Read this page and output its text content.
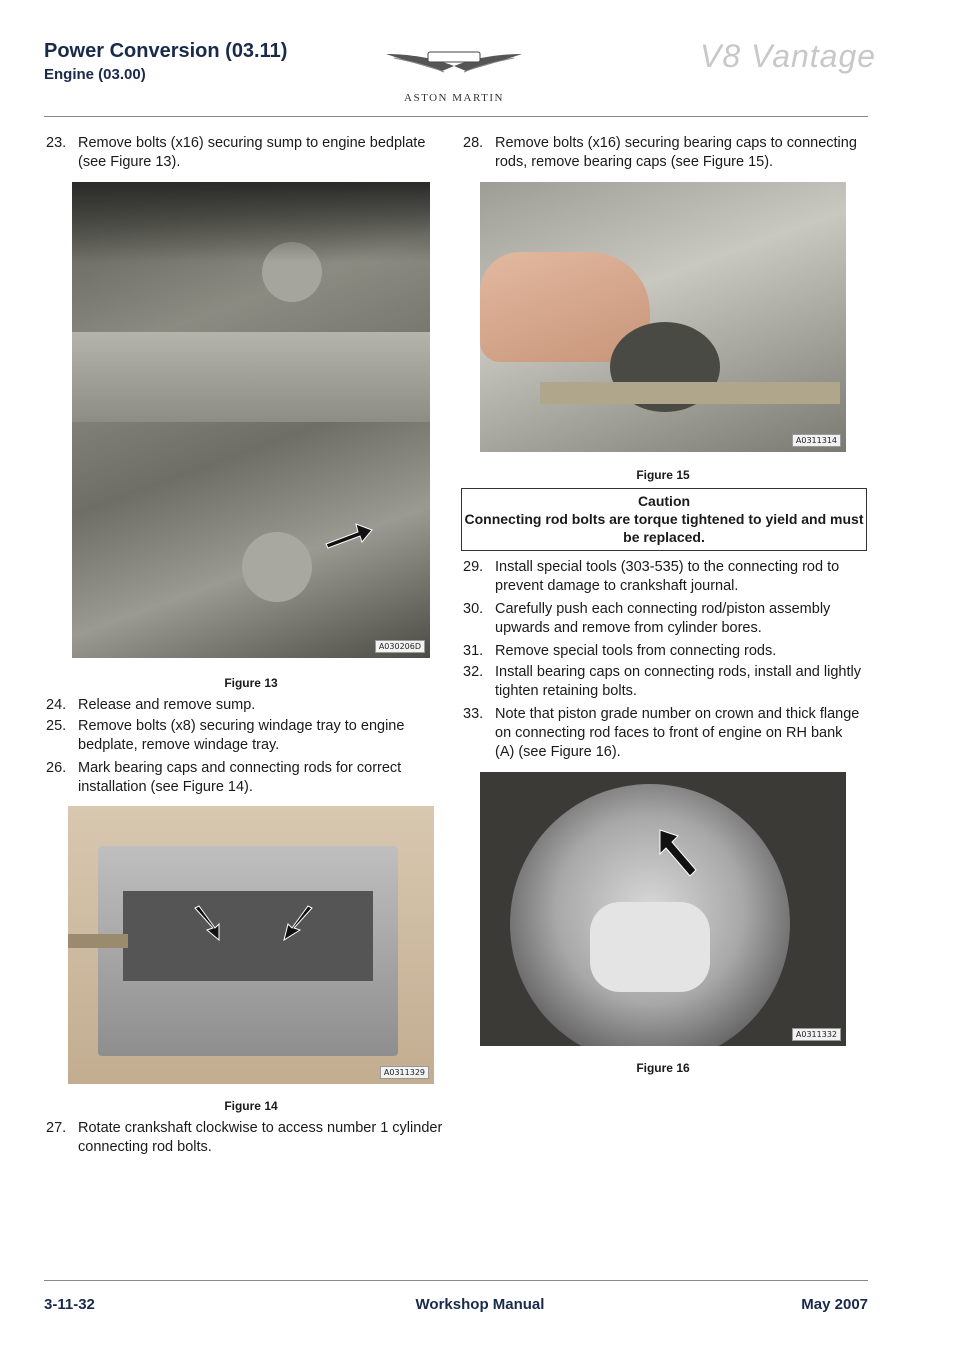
Power Conversion (03.11)
Engine (03.00)
ASTON MARTIN
V8 Vantage
23. Remove bolts (x16) securing sump to engine bedplate (see Figure 13).
A030206D
Figure 13
24. Release and remove sump.
25. Remove bolts (x8) securing windage tray to engine bedplate, remove windage tray.
26. Mark bearing caps and connecting rods for correct installation (see Figure 14).
A0311329
Figure 14
27. Rotate crankshaft clockwise to access number 1 cylinder connecting rod bolts.
28. Remove bolts (x16) securing bearing caps to connecting rods, remove bearing caps (see Figure 15).
A0311314
Figure 15
Caution
Connecting rod bolts are torque tightened to yield and must be replaced.
29. Install special tools (303-535) to the connecting rod to prevent damage to crankshaft journal.
30. Carefully push each connecting rod/piston assembly upwards and remove from cylinder bores.
31. Remove special tools from connecting rods.
32. Install bearing caps on connecting rods, install and lightly tighten retaining bolts.
33. Note that piston grade number on crown and thick flange on connecting rod faces to front of engine on RH bank (A) (see Figure 16).
A0311332
Figure 16
3-11-32	Workshop Manual	May 2007
